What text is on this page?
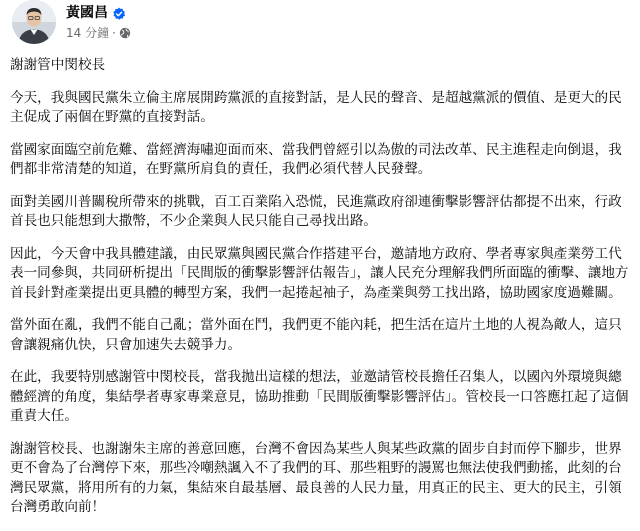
黃國昌
14 分鐘 ·

謝謝管中閔校長

今天，我與國民黨朱立倫主席展開跨黨派的直接對話，是人民的聲音、是超越黨派的價值、是更大的民主促成了兩個在野黨的直接對話。

當國家面臨空前危難、當經濟海嘯迎面而來、當我們曾經引以為傲的司法改革、民主進程走向倒退，我們都非常清楚的知道，在野黨所肩負的責任，我們必須代替人民發聲。

面對美國川普關稅所帶來的挑戰，百工百業陷入恐慌，民進黨政府卻連衝擊影響評估都提不出來，行政首長也只能想到大撒幣，不少企業與人民只能自己尋找出路。

因此，今天會中我具體建議，由民眾黨與國民黨合作搭建平台，邀請地方政府、學者專家與產業勞工代表一同參與，共同研析提出「民間版的衝擊影響評估報告」，讓人民充分理解我們所面臨的衝擊、讓地方首長針對產業提出更具體的轉型方案，我們一起捲起袖子，為產業與勞工找出路，協助國家度過難關。

當外面在亂，我們不能自己亂；當外面在鬥，我們更不能內耗，把生活在這片土地的人視為敵人，這只會讓親痛仇快，只會加速失去競爭力。

在此，我要特別感謝管中閔校長，當我拋出這樣的想法，並邀請管校長擔任召集人，以國內外環境與總體經濟的角度，集結學者專家專業意見，協助推動「民間版衝擊影響評估」。管校長一口答應扛起了這個重責大任。

謝謝管校長、也謝謝朱主席的善意回應，台灣不會因為某些人與某些政黨的固步自封而停下腳步，世界更不會為了台灣停下來，那些冷嘲熱諷入不了我們的耳、那些粗野的謾罵也無法使我們動搖，此刻的台灣民眾黨，將用所有的力氣，集結來自最基層、最良善的人民力量，用真正的民主、更大的民主，引領台灣勇敢向前！
